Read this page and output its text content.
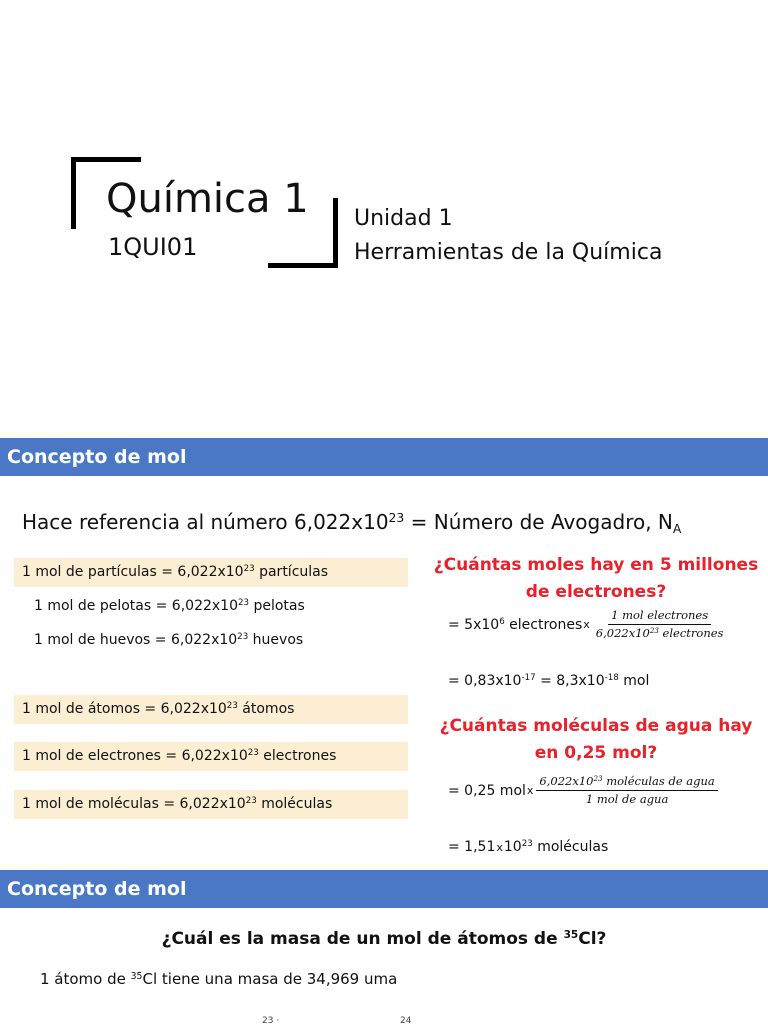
Química 1
1QUI01
Unidad 1
Herramientas de la Química
Concepto de mol
Hace referencia al número $6,022x10^{23}$ = Número de Avogadro, $N_A$
1 mol de partículas = $6,022x10^{23}$ partículas
1 mol de pelotas = $6,022x10^{23}$ pelotas
1 mol de huevos = $6,022x10^{23}$ huevos
1 mol de átomos = $6,022x10^{23}$ átomos
1 mol de electrones = $6,022x10^{23}$ electrones
1 mol de moléculas = $6,022x10^{23}$ moléculas
¿Cuántas moles hay en 5 millones de electrones?
= $5x10^6$ electrones x $\frac{\text{1 mol electrones}}{6,022x10^{23} electrones}$
= $0,83x10^{-17} = 8,3x10^{-18}$ mol
¿Cuántas moléculas de agua hay en 0,25 mol?
= 0,25 mol x $\frac{6,022x10^{23} moléculas de agua}{\text{1 mol de agua}}$
= $1,51x10^{23}$ moléculas
Concepto de mol
¿Cuál es la masa de un mol de átomos de $^{35}$Cl?
1 átomo de $^{35}$Cl tiene una masa de 34,969 uma
23 ·	24
